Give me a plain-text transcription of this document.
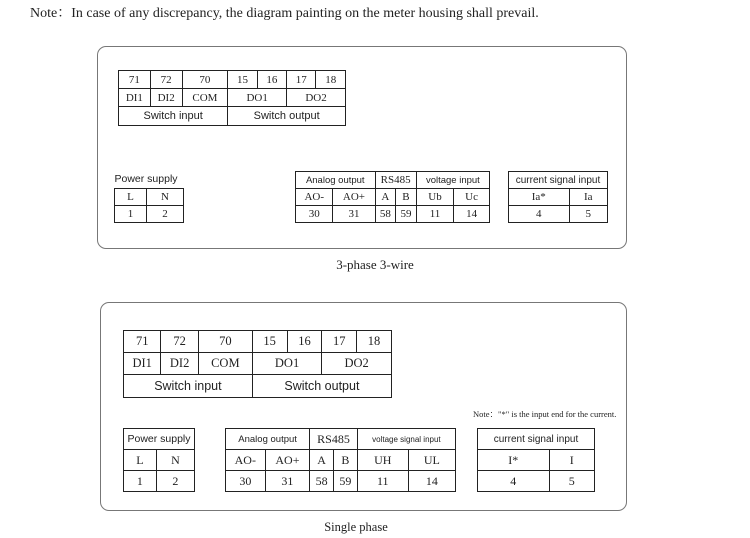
Note：In case of any discrepancy, the diagram painting on the meter housing shall prevail.
71	72	70	15	16	17	18
DI1	DI2	COM	DO1		DO2	
Switch input			Switch output			
Power supply	
L	N
1	2
Analog output		RS485		voltage input	
AO-	AO+	A	B	Ub	Uc
30	31	58	59	11	14
current signal input	
Ia*	Ia
4	5
3-phase 3-wire
71	72	70	15	16	17	18
DI1	DI2	COM	DO1		DO2	
Switch input			Switch output			
Note："*" is the input end for the current.
Power supply	
L	N
1	2
Analog output		RS485		voltage signal input	
AO-	AO+	A	B	UH	UL
30	31	58	59	11	14
current signal input	
I*	I
4	5
Single phase
